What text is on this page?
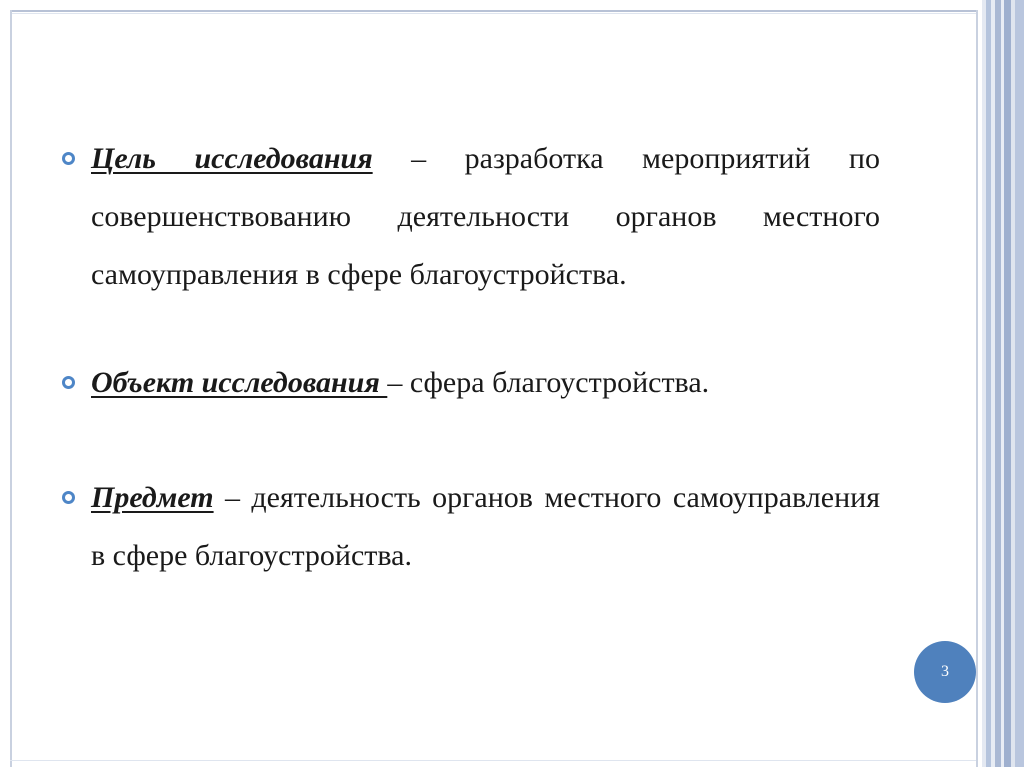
Цель исследования – разработка мероприятий по совершенствованию деятельности органов местного самоуправления в сфере благоустройства.
Объект исследования – сфера благоустройства.
Предмет – деятельность органов местного самоуправления в сфере благоустройства.
3
